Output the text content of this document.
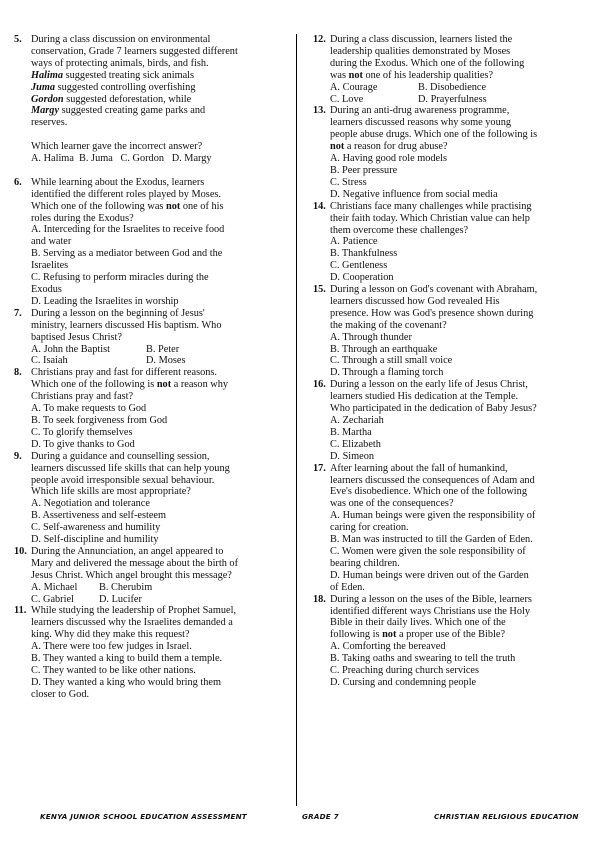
5. During a class discussion on environmental
conservation, Grade 7 learners suggested different
ways of protecting animals, birds, and fish.
Halima suggested treating sick animals
Juma suggested controlling overfishing
Gordon suggested deforestation, while
Margy suggested creating game parks and
reserves.
Which learner gave the incorrect answer?
A. Halima  B. Juma   C. Gordon   D. Margy
6. While learning about the Exodus, learners
identified the different roles played by Moses.
Which one of the following was not one of his
roles during the Exodus?
A. Interceding for the Israelites to receive food
and water
B. Serving as a mediator between God and the
Israelites
C. Refusing to perform miracles during the
Exodus
D. Leading the Israelites in worship
7. During a lesson on the beginning of Jesus'
ministry, learners discussed His baptism. Who
baptised Jesus Christ?
A. John the Baptist	B. Peter
C. Isaiah	D. Moses
8. Christians pray and fast for different reasons.
Which one of the following is not a reason why
Christians pray and fast?
A. To make requests to God
B. To seek forgiveness from God
C. To glorify themselves
D. To give thanks to God
9. During a guidance and counselling session,
learners discussed life skills that can help young
people avoid irresponsible sexual behaviour.
Which life skills are most appropriate?
A. Negotiation and tolerance
B. Assertiveness and self-esteem
C. Self-awareness and humility
D. Self-discipline and humility
10. During the Annunciation, an angel appeared to
Mary and delivered the message about the birth of
Jesus Christ. Which angel brought this message?
A. Michael	B. Cherubim
C. Gabriel	D. Lucifer
11. While studying the leadership of Prophet Samuel,
learners discussed why the Israelites demanded a
king. Why did they make this request?
A. There were too few judges in Israel.
B. They wanted a king to build them a temple.
C. They wanted to be like other nations.
D. They wanted a king who would bring them
closer to God.
12. During a class discussion, learners listed the
leadership qualities demonstrated by Moses
during the Exodus. Which one of the following
was not one of his leadership qualities?
A. Courage	B. Disobedience
C. Love	D. Prayerfulness
13. During an anti-drug awareness programme,
learners discussed reasons why some young
people abuse drugs. Which one of the following is
not a reason for drug abuse?
A. Having good role models
B. Peer pressure
C. Stress
D. Negative influence from social media
14. Christians face many challenges while practising
their faith today. Which Christian value can help
them overcome these challenges?
A. Patience
B. Thankfulness
C. Gentleness
D. Cooperation
15. During a lesson on God's covenant with Abraham,
learners discussed how God revealed His
presence. How was God's presence shown during
the making of the covenant?
A. Through thunder
B. Through an earthquake
C. Through a still small voice
D. Through a flaming torch
16. During a lesson on the early life of Jesus Christ,
learners studied His dedication at the Temple.
Who participated in the dedication of Baby Jesus?
A. Zechariah
B. Martha
C. Elizabeth
D. Simeon
17. After learning about the fall of humankind,
learners discussed the consequences of Adam and
Eve's disobedience. Which one of the following
was one of the consequences?
A. Human beings were given the responsibility of
caring for creation.
B. Man was instructed to till the Garden of Eden.
C. Women were given the sole responsibility of
bearing children.
D. Human beings were driven out of the Garden
of Eden.
18. During a lesson on the uses of the Bible, learners
identified different ways Christians use the Holy
Bible in their daily lives. Which one of the
following is not a proper use of the Bible?
A. Comforting the bereaved
B. Taking oaths and swearing to tell the truth
C. Preaching during church services
D. Cursing and condemning people
KENYA JUNIOR SCHOOL EDUCATION ASSESSMENT	GRADE 7	CHRISTIAN RELIGIOUS EDUCATION
